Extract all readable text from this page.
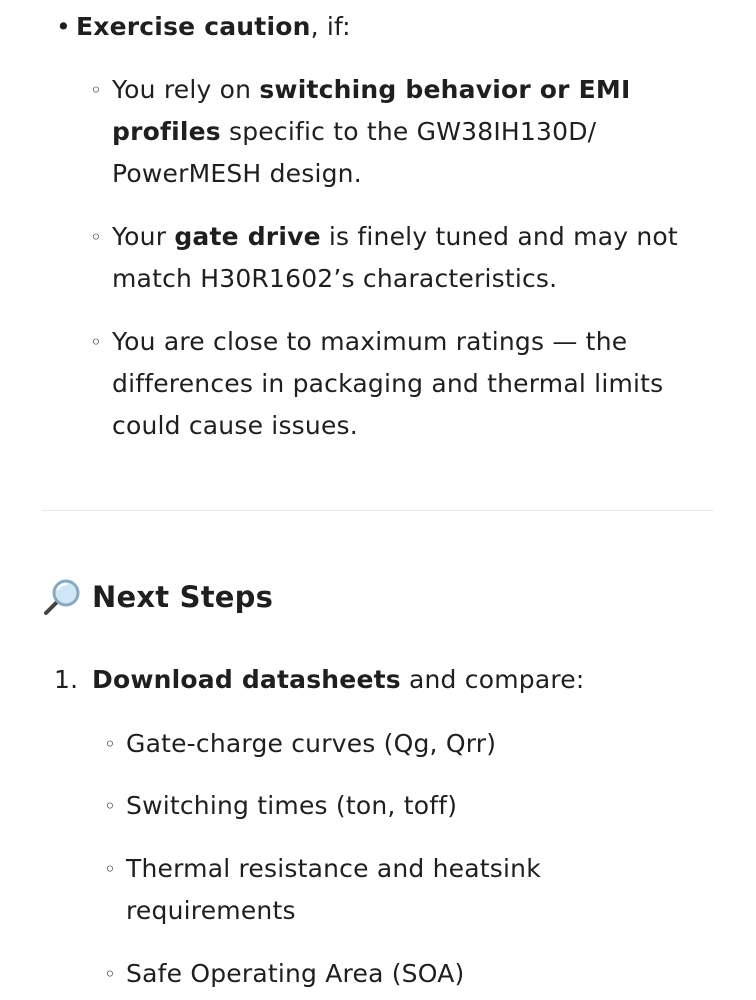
• Exercise caution, if:
◦ You rely on switching behavior or EMI profiles specific to the GW38IH130D/ PowerMESH design.
◦ Your gate drive is finely tuned and may not match H30R1602’s characteristics.
◦ You are close to maximum ratings — the differences in packaging and thermal limits could cause issues.
Next Steps
1. Download datasheets and compare:
◦ Gate-charge curves (Qg, Qrr)
◦ Switching times (ton, toff)
◦ Thermal resistance and heatsink requirements
◦ Safe Operating Area (SOA)
